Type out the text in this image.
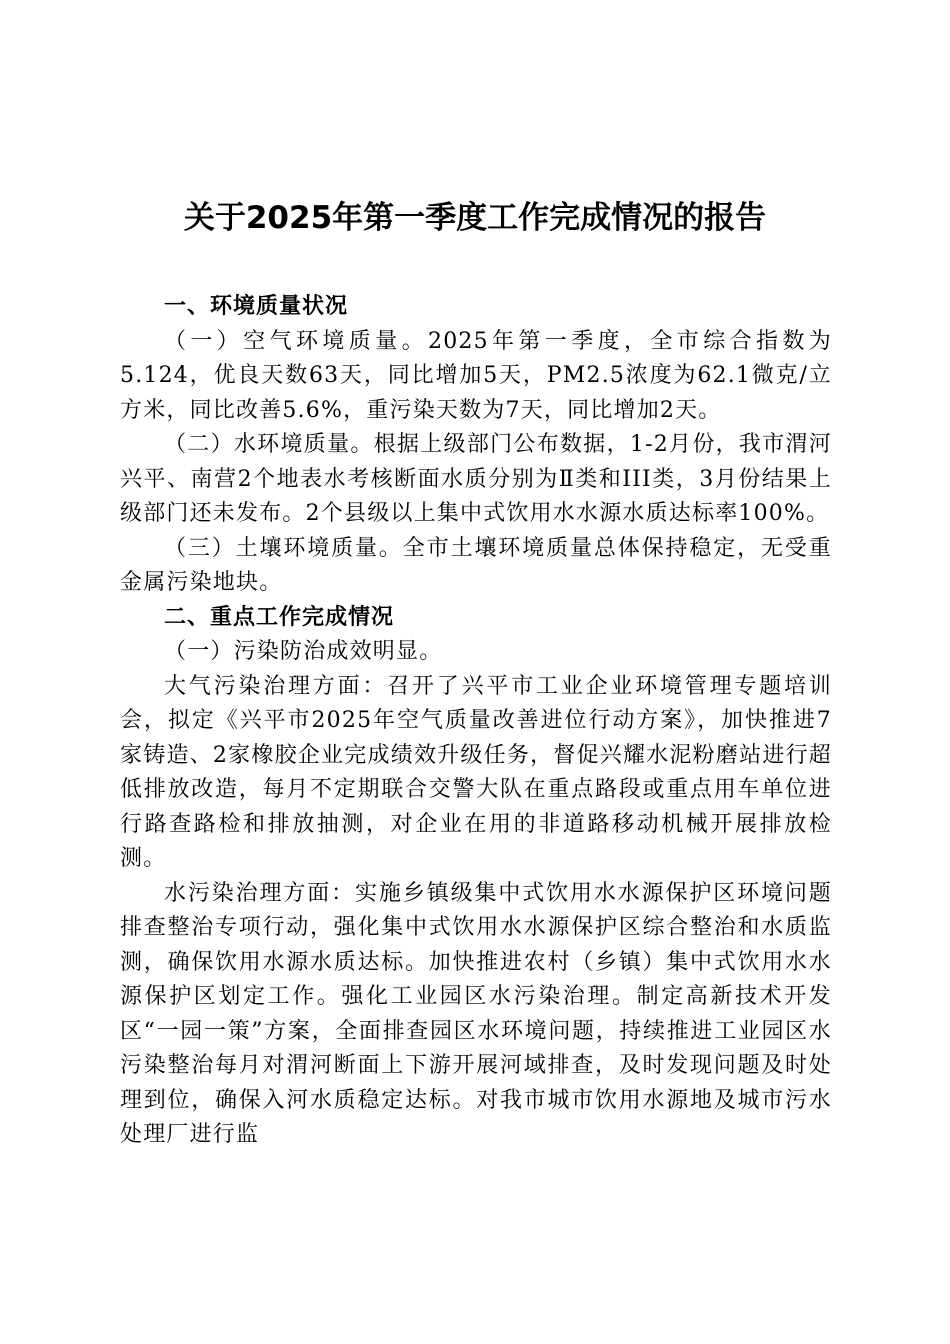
关于2025年第一季度工作完成情况的报告
一、环境质量状况

（一）空气环境质量。2025年第一季度，全市综合指数为5.124，优良天数63天，同比增加5天，PM2.5浓度为62.1微克/立方米，同比改善5.6%，重污染天数为7天，同比增加2天。

（二）水环境质量。根据上级部门公布数据，1-2月份，我市渭河兴平、南营2个地表水考核断面水质分别为Ⅱ类和III类，3月份结果上级部门还未发布。2个县级以上集中式饮用水水源水质达标率100%。

（三）土壤环境质量。全市土壤环境质量总体保持稳定，无受重金属污染地块。

二、重点工作完成情况
（一）污染防治成效明显。

大气污染治理方面：召开了兴平市工业企业环境管理专题培训会，拟定《兴平市2025年空气质量改善进位行动方案》，加快推进7家铸造、2家橡胶企业完成绩效升级任务，督促兴耀水泥粉磨站进行超低排放改造，每月不定期联合交警大队在重点路段或重点用车单位进行路查路检和排放抽测，对企业在用的非道路移动机械开展排放检测。

水污染治理方面：实施乡镇级集中式饮用水水源保护区环境问题排查整治专项行动，强化集中式饮用水水源保护区综合整治和水质监测，确保饮用水源水质达标。加快推进农村（乡镇）集中式饮用水水源保护区划定工作。强化工业园区水污染治理。制定高新技术开发区“一园一策”方案，全面排查园区水环境问题，持续推进工业园区水污染整治每月对渭河断面上下游开展河域排查，及时发现问题及时处理到位，确保入河水质稳定达标。对我市城市饮用水源地及城市污水处理厂进行监
